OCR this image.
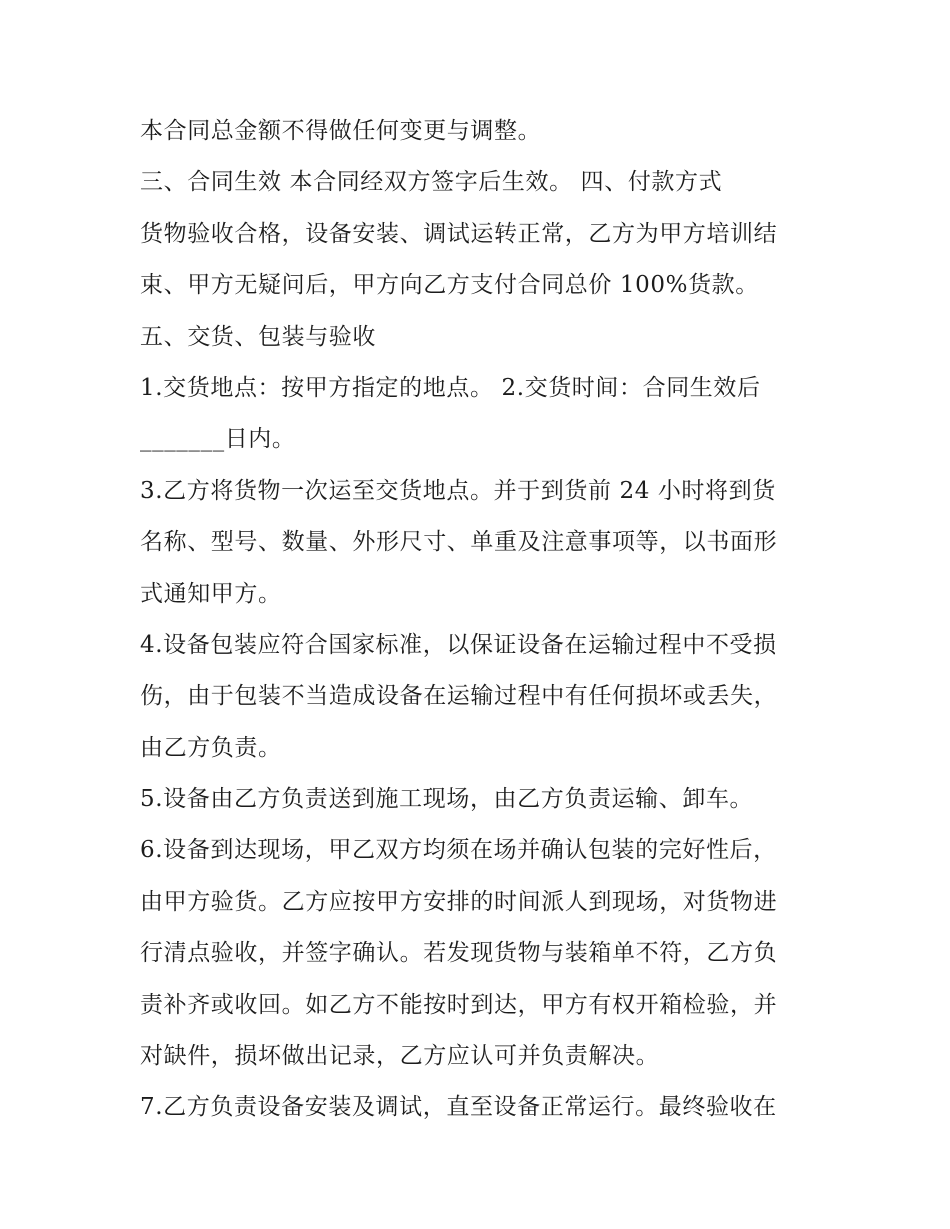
本合同总金额不得做任何变更与调整。
三、合同生效 本合同经双方签字后生效。 四、付款方式
货物验收合格，设备安装、调试运转正常，乙方为甲方培训结
束、甲方无疑问后，甲方向乙方支付合同总价 100%货款。
五、交货、包装与验收
1.交货地点：按甲方指定的地点。 2.交货时间：合同生效后
_______日内。
3.乙方将货物一次运至交货地点。并于到货前 24 小时将到货
名称、型号、数量、外形尺寸、单重及注意事项等，以书面形
式通知甲方。
4.设备包装应符合国家标准，以保证设备在运输过程中不受损
伤，由于包装不当造成设备在运输过程中有任何损坏或丢失，
由乙方负责。
5.设备由乙方负责送到施工现场，由乙方负责运输、卸车。
6.设备到达现场，甲乙双方均须在场并确认包装的完好性后，
由甲方验货。乙方应按甲方安排的时间派人到现场，对货物进
行清点验收，并签字确认。若发现货物与装箱单不符，乙方负
责补齐或收回。如乙方不能按时到达，甲方有权开箱检验，并
对缺件，损坏做出记录，乙方应认可并负责解决。
7.乙方负责设备安装及调试，直至设备正常运行。最终验收在
